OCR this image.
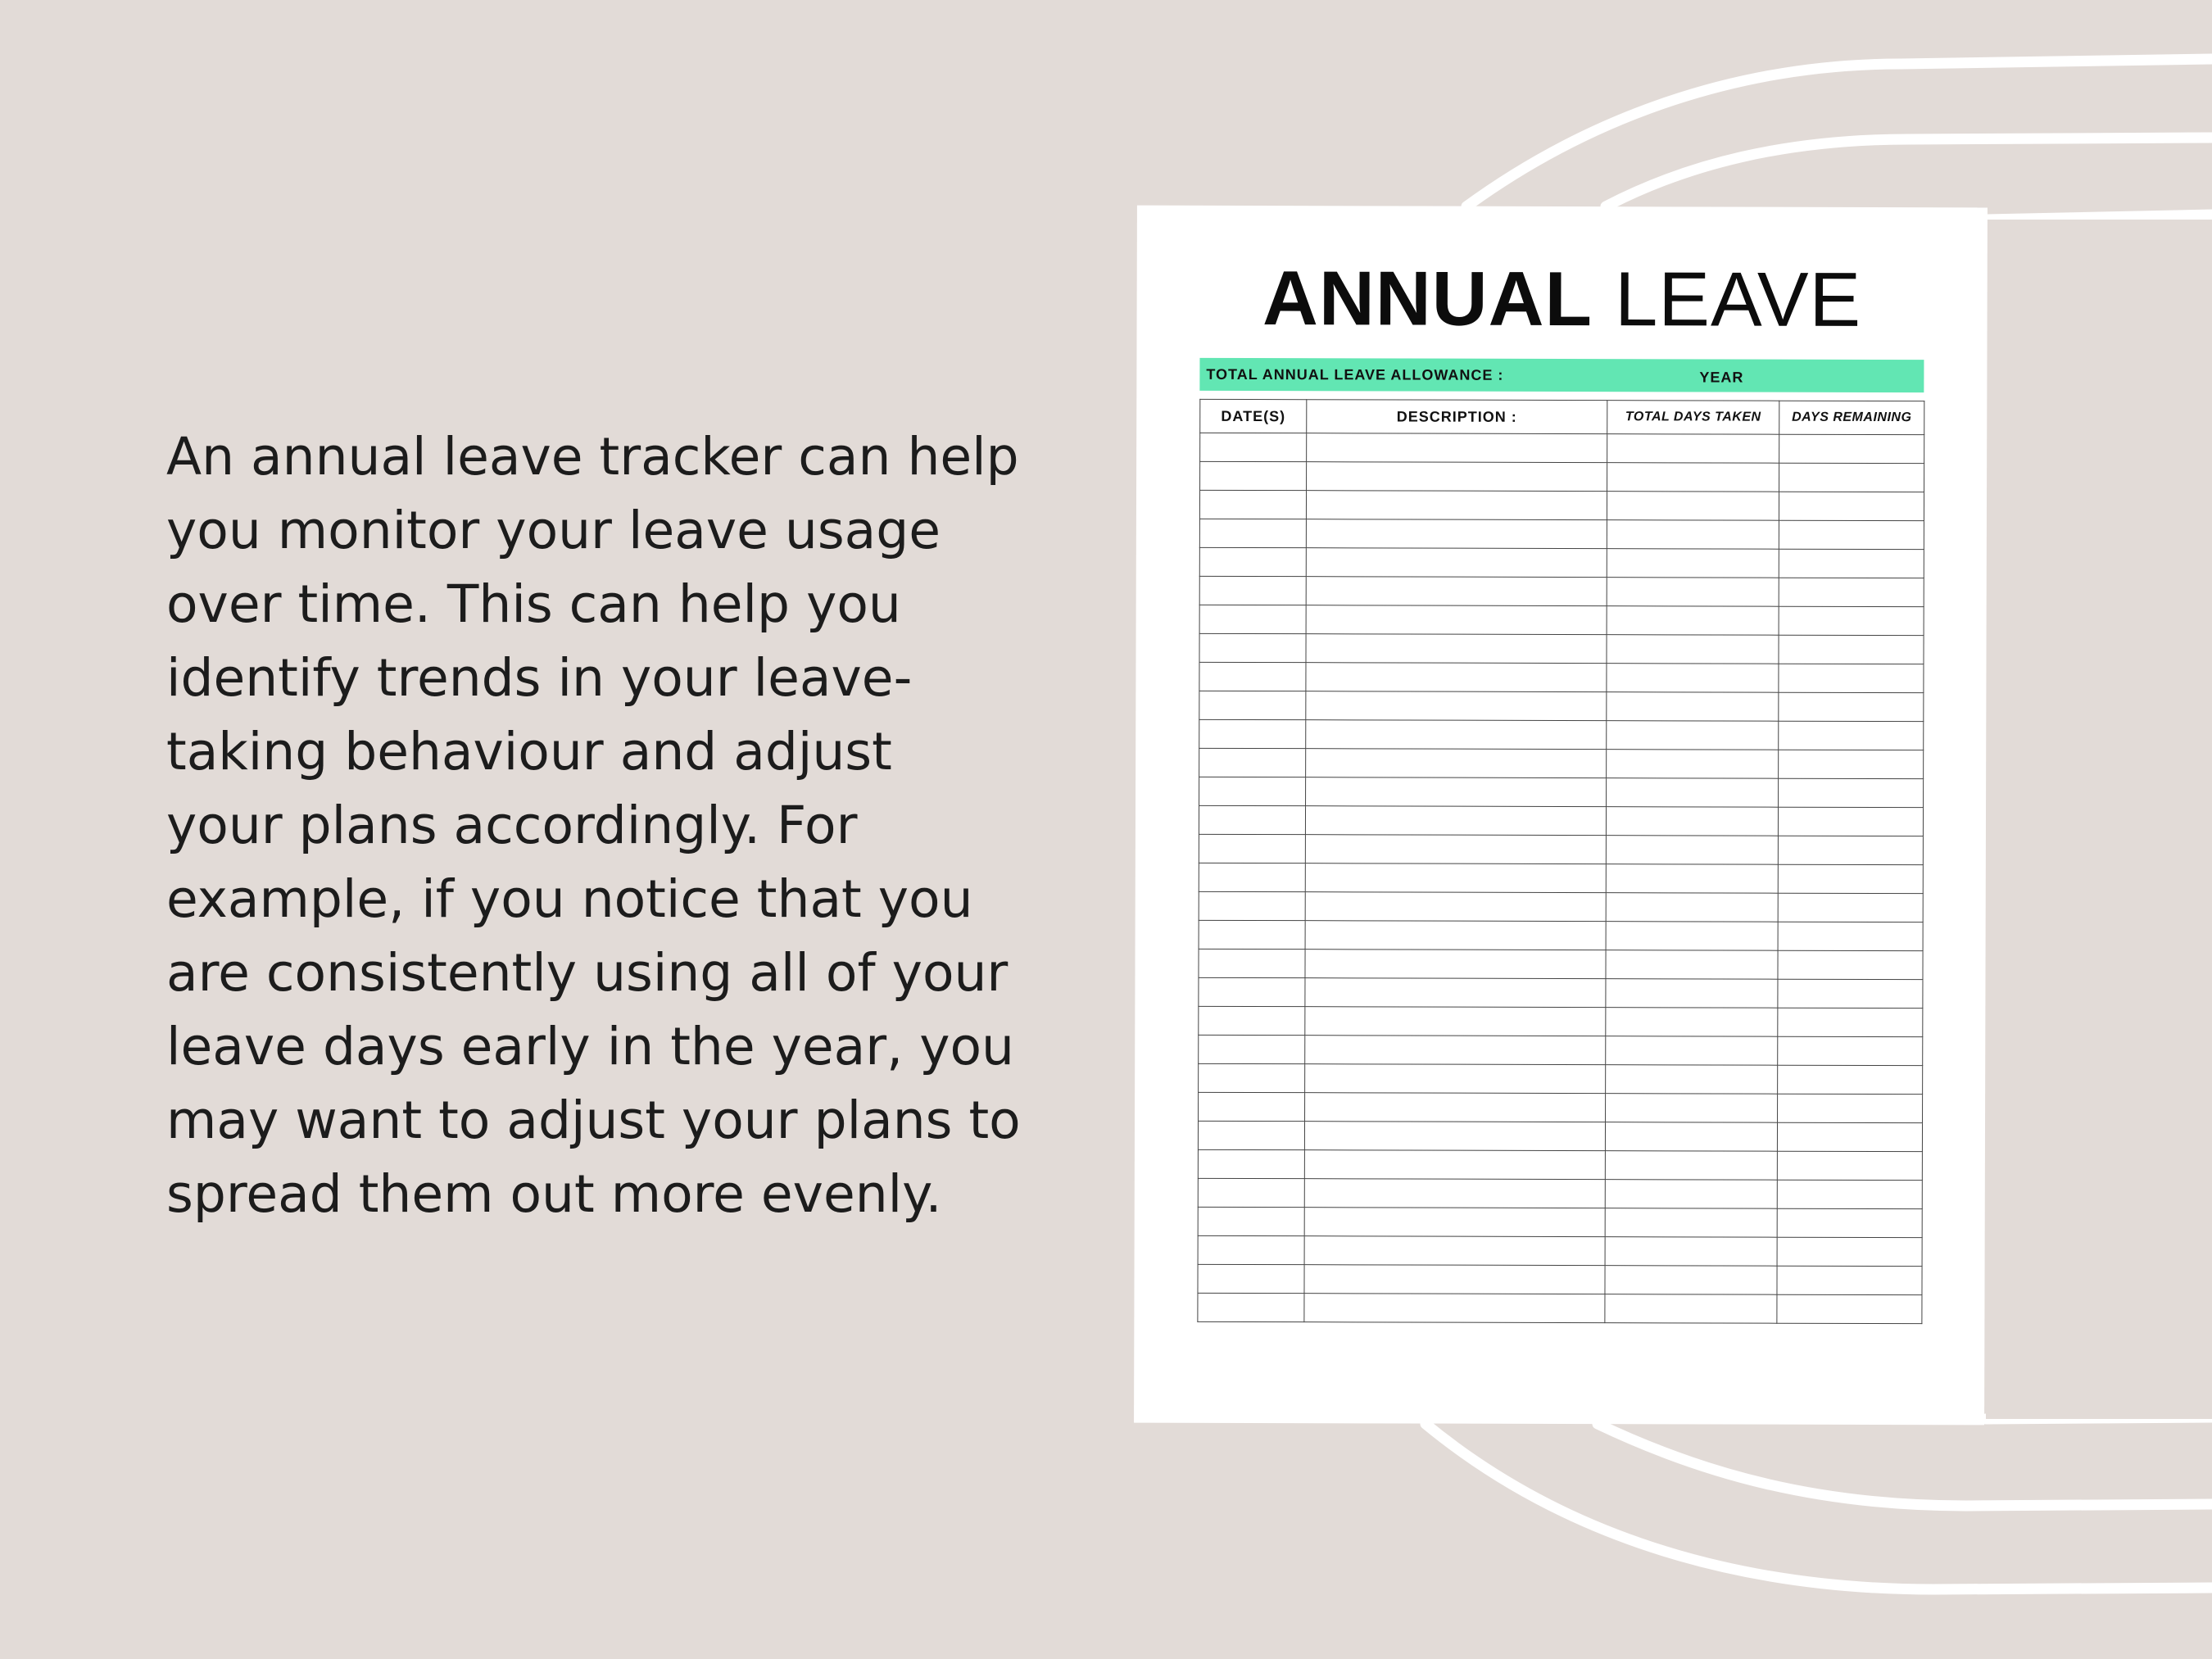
An annual leave tracker can help
you monitor your leave usage
over time. This can help you
identify trends in your leave-
taking behaviour and adjust
your plans accordingly. For
example, if you notice that you
are consistently using all of your
leave days early in the year, you
may want to adjust your plans to
spread them out more evenly.
ANNUAL LEAVE
TOTAL ANNUAL LEAVE ALLOWANCE :	YEAR
DATE(S)	DESCRIPTION :	TOTAL DAYS TAKEN	DAYS REMAINING
